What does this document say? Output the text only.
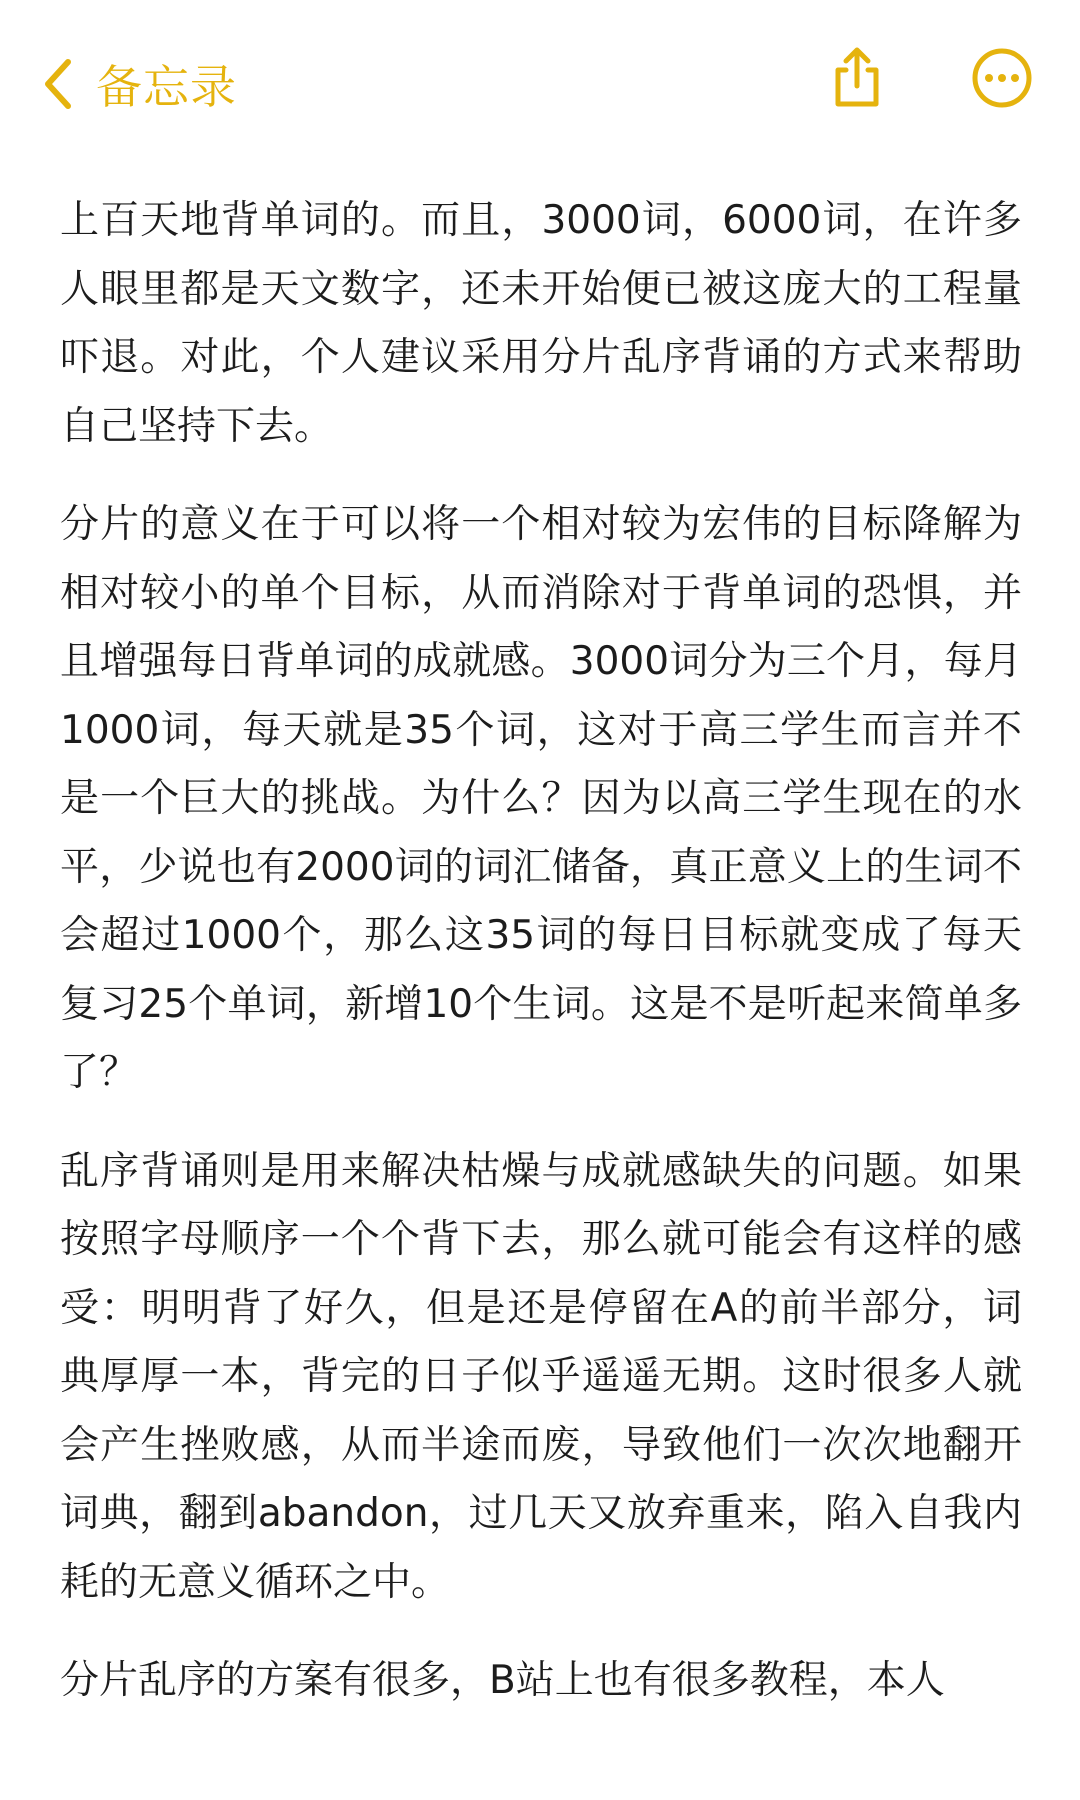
备忘录

上百天地背单词的。而且，3000词，6000词，在许多人眼里都是天文数字，还未开始便已被这庞大的工程量吓退。对此，个人建议采用分片乱序背诵的方式来帮助自己坚持下去。

分片的意义在于可以将一个相对较为宏伟的目标降解为相对较小的单个目标，从而消除对于背单词的恐惧，并且增强每日背单词的成就感。3000词分为三个月，每月1000词，每天就是35个词，这对于高三学生而言并不是一个巨大的挑战。为什么？因为以高三学生现在的水平，少说也有2000词的词汇储备，真正意义上的生词不会超过1000个，那么这35词的每日目标就变成了每天复习25个单词，新增10个生词。这是不是听起来简单多了？

乱序背诵则是用来解决枯燥与成就感缺失的问题。如果按照字母顺序一个个背下去，那么就可能会有这样的感受：明明背了好久，但是还是停留在A的前半部分，词典厚厚一本，背完的日子似乎遥遥无期。这时很多人就会产生挫败感，从而半途而废，导致他们一次次地翻开词典，翻到abandon，过几天又放弃重来，陷入自我内耗的无意义循环之中。

分片乱序的方案有很多，B站上也有很多教程，本人
